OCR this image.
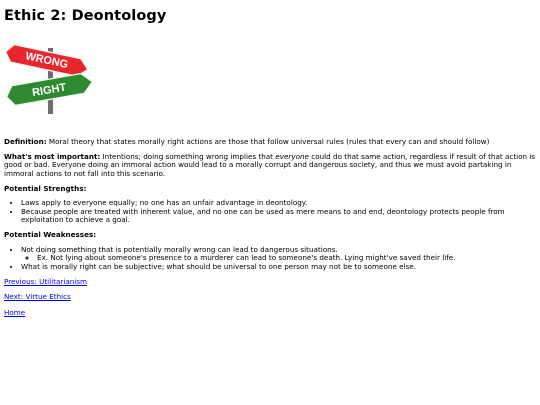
Ethic 2: Deontology
WRONG
RIGHT

Definition: Moral theory that states morally right actions are those that follow universal rules (rules that every can and should follow)

What's most important: Intentions; doing something wrong implies that everyone could do that same action, regardless if result of that action is good or bad. Everyone doing an immoral action would lead to a morally corrupt and dangerous society, and thus we must avoid partaking in immoral actions to not fall into this scenario.

Potential Strengths:
• Laws apply to everyone equally; no one has an unfair advantage in deontology.
• Because people are treated with inherent value, and no one can be used as mere means to and end, deontology protects people from exploitation to achieve a goal.
Potential Weaknesses:
• Not doing something that is potentially morally wrong can lead to dangerous situations.
◦ Ex. Not lying about someone's presence to a murderer can lead to someone's death. Lying might've saved their life.
• What is morally right can be subjective; what should be universal to one person may not be to someone else.
Previous: Utilitarianism
Next: Virtue Ethics
Home
